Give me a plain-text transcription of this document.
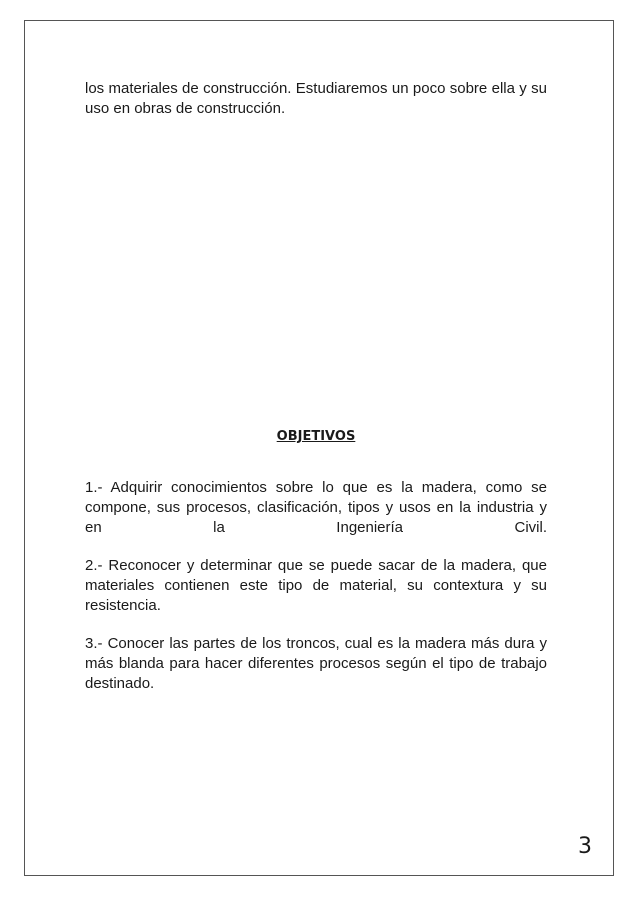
los materiales de construcción. Estudiaremos un poco sobre ella y su uso en obras de construcción.

OBJETIVOS

1.- Adquirir conocimientos sobre lo que es la madera, como se compone, sus procesos, clasificación, tipos y usos en la industria y en la Ingeniería Civil.

2.- Reconocer y determinar que se puede sacar de la madera, que materiales contienen este tipo de material, su contextura y su resistencia.

3.- Conocer las partes de los troncos, cual es la madera más dura y más blanda para hacer diferentes procesos según el tipo de trabajo destinado.

3
